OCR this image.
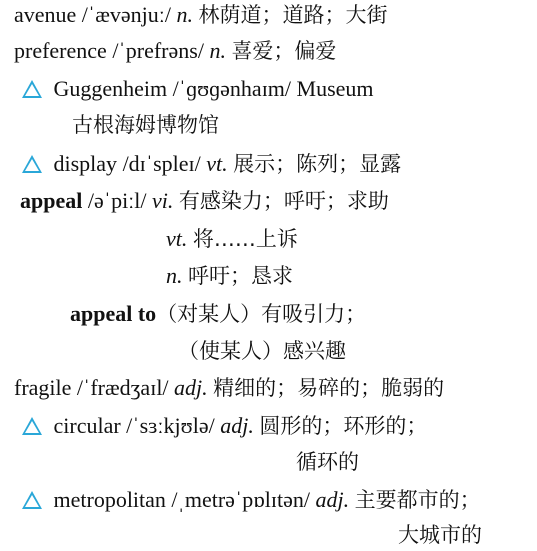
avenue /ˈævənjuː/ n. 林荫道；道路；大街
preference /ˈprefrəns/ n. 喜爱；偏爱
Guggenheim /ˈɡʊɡənhaɪm/ Museum
古根海姆博物馆
display /dɪˈspleɪ/ vt. 展示；陈列；显露
appeal /əˈpiːl/ vi. 有感染力；呼吁；求助
vt. 将……上诉
n. 呼吁；恳求
appeal to（对某人）有吸引力；
（使某人）感兴趣
fragile /ˈfrædʒaɪl/ adj. 精细的；易碎的；脆弱的
circular /ˈsɜːkjʊlə/ adj. 圆形的；环形的；
循环的
metropolitan /ˌmetrəˈpɒlɪtən/ adj. 主要都市的；
大城市的
